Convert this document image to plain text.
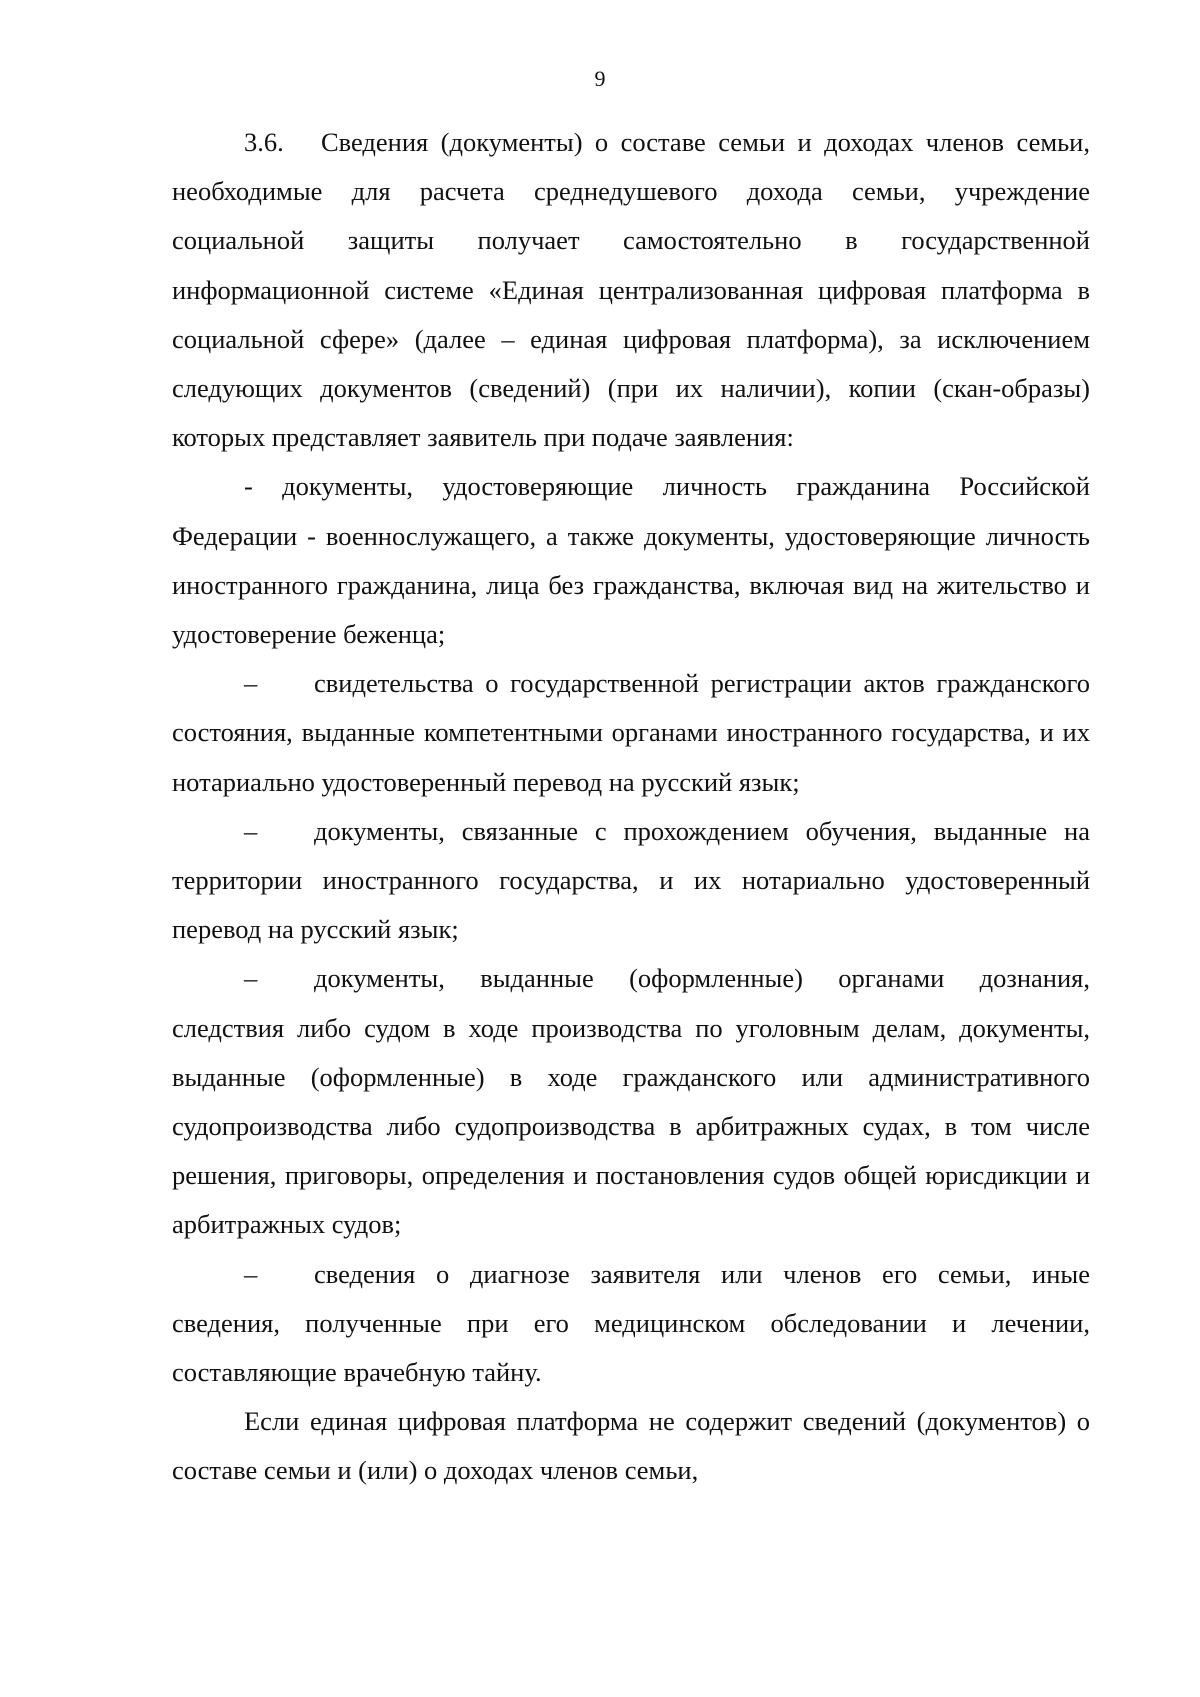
9

3.6. Сведения (документы) о составе семьи и доходах членов семьи, необходимые для расчета среднедушевого дохода семьи, учреждение социальной защиты получает самостоятельно в государственной информационной системе «Единая централизованная цифровая платформа в социальной сфере» (далее – единая цифровая платформа), за исключением следующих документов (сведений) (при их наличии), копии (скан-образы) которых представляет заявитель при подаче заявления:

- документы, удостоверяющие личность гражданина Российской Федерации - военнослужащего, а также документы, удостоверяющие личность иностранного гражданина, лица без гражданства, включая вид на жительство и удостоверение беженца;

– свидетельства о государственной регистрации актов гражданского состояния, выданные компетентными органами иностранного государства, и их нотариально удостоверенный перевод на русский язык;

– документы, связанные с прохождением обучения, выданные на территории иностранного государства, и их нотариально удостоверенный перевод на русский язык;

– документы, выданные (оформленные) органами дознания, следствия либо судом в ходе производства по уголовным делам, документы, выданные (оформленные) в ходе гражданского или административного судопроизводства либо судопроизводства в арбитражных судах, в том числе решения, приговоры, определения и постановления судов общей юрисдикции и арбитражных судов;

– сведения о диагнозе заявителя или членов его семьи, иные сведения, полученные при его медицинском обследовании и лечении, составляющие врачебную тайну.

Если единая цифровая платформа не содержит сведений (документов) о составе семьи и (или) о доходах членов семьи,
